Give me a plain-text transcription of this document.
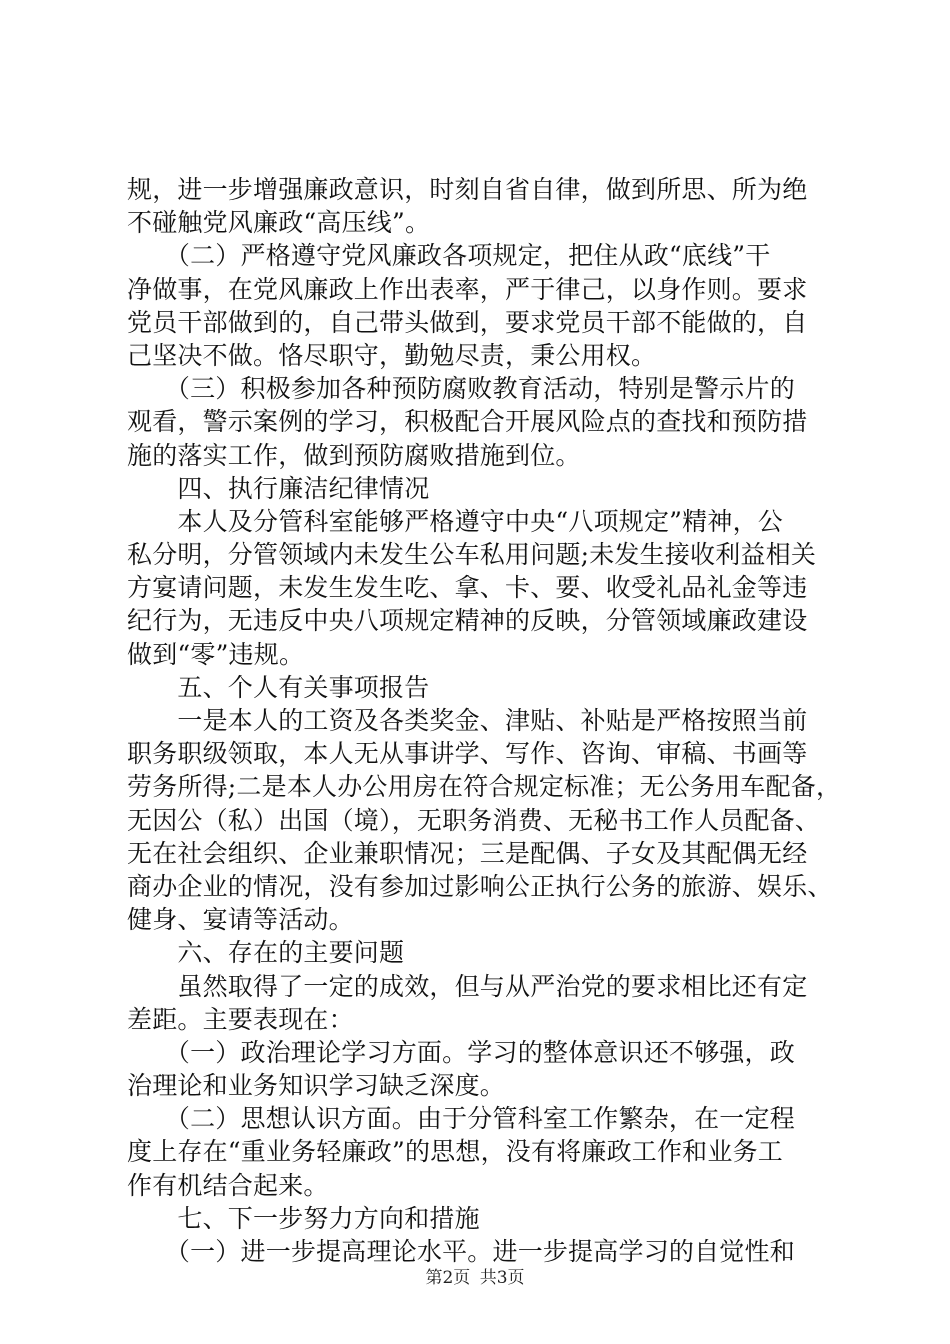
规，进一步增强廉政意识，时刻自省自律，做到所思、所为绝
不碰触党风廉政“高压线”。
　　（二）严格遵守党风廉政各项规定，把住从政“底线”干
净做事，在党风廉政上作出表率，严于律己，以身作则。要求
党员干部做到的，自己带头做到，要求党员干部不能做的，自
己坚决不做。恪尽职守，勤勉尽责，秉公用权。
　　（三）积极参加各种预防腐败教育活动，特别是警示片的
观看，警示案例的学习，积极配合开展风险点的查找和预防措
施的落实工作，做到预防腐败措施到位。
　　四、执行廉洁纪律情况
　　本人及分管科室能够严格遵守中央“八项规定”精神，公
私分明，分管领域内未发生公车私用问题;未发生接收利益相关
方宴请问题，未发生发生吃、拿、卡、要、收受礼品礼金等违
纪行为，无违反中央八项规定精神的反映，分管领域廉政建设
做到“零”违规。
　　五、个人有关事项报告
　　一是本人的工资及各类奖金、津贴、补贴是严格按照当前
职务职级领取，本人无从事讲学、写作、咨询、审稿、书画等
劳务所得;二是本人办公用房在符合规定标准；无公务用车配备，
无因公（私）出国（境），无职务消费、无秘书工作人员配备、
无在社会组织、企业兼职情况；三是配偶、子女及其配偶无经
商办企业的情况，没有参加过影响公正执行公务的旅游、娱乐、
健身、宴请等活动。
　　六、存在的主要问题
　　虽然取得了一定的成效，但与从严治党的要求相比还有定
差距。主要表现在：
　　（一）政治理论学习方面。学习的整体意识还不够强，政
治理论和业务知识学习缺乏深度。
　　（二）思想认识方面。由于分管科室工作繁杂，在一定程
度上存在“重业务轻廉政”的思想，没有将廉政工作和业务工
作有机结合起来。
　　七、下一步努力方向和措施
　　（一）进一步提高理论水平。进一步提高学习的自觉性和
第2页 共3页
